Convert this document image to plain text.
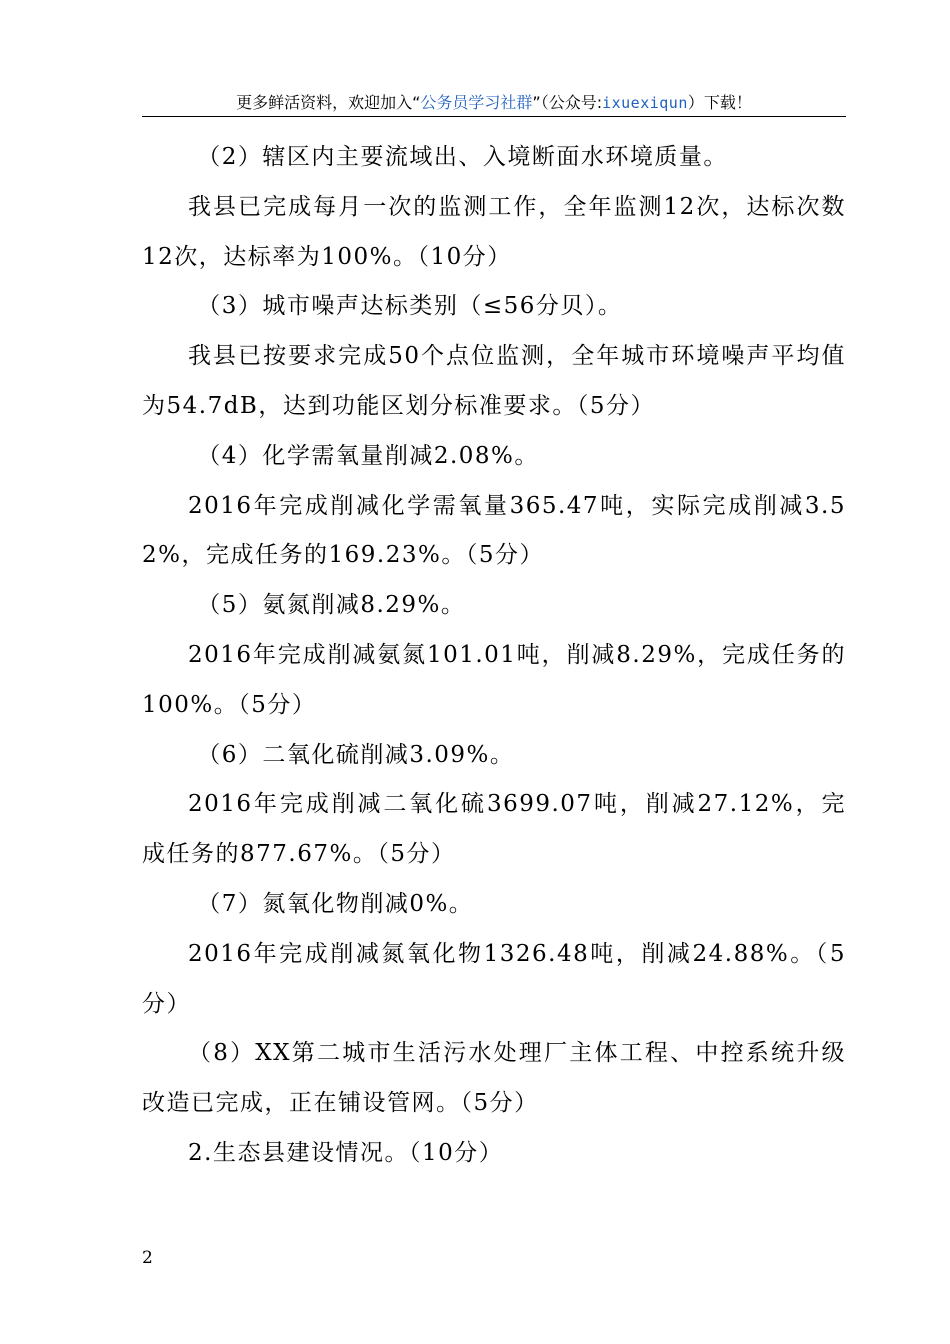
更多鲜活资料，欢迎加入“公务员学习社群”（公众号:ixuexiqun）下载！

（2）辖区内主要流域出、入境断面水环境质量。

我县已完成每月一次的监测工作，全年监测12次，达标次数12次，达标率为100%。（10分）

（3）城市噪声达标类别（≤56分贝）。

我县已按要求完成50个点位监测，全年城市环境噪声平均值为54.7dB，达到功能区划分标准要求。（5分）

（4）化学需氧量削减2.08%。

2016年完成削减化学需氧量365.47吨，实际完成削减3.52%，完成任务的169.23%。（5分）

（5）氨氮削减8.29%。

2016年完成削减氨氮101.01吨，削减8.29%，完成任务的100%。（5分）

（6）二氧化硫削减3.09%。

2016年完成削减二氧化硫3699.07吨，削减27.12%，完成任务的877.67%。（5分）

（7）氮氧化物削减0%。

2016年完成削减氮氧化物1326.48吨，削减24.88%。（5分）

（8）XX第二城市生活污水处理厂主体工程、中控系统升级改造已完成，正在铺设管网。（5分）

2.生态县建设情况。（10分）

2
